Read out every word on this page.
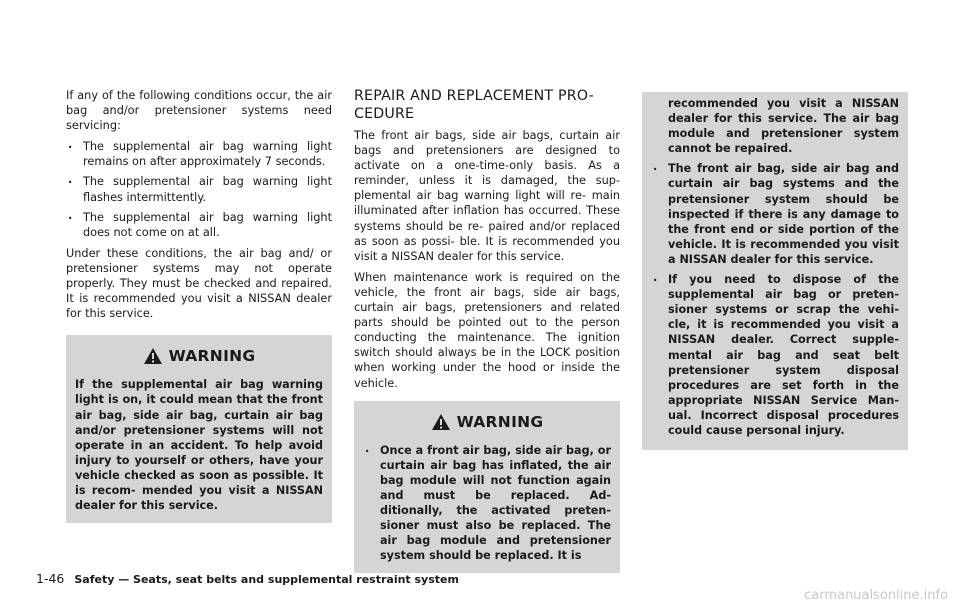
If any of the following conditions occur, the air bag and/or pretensioner systems need servicing:

. The supplemental air bag warning light remains on after approximately 7 seconds.
. The supplemental air bag warning light flashes intermittently.
. The supplemental air bag warning light does not come on at all.

Under these conditions, the air bag and/ or pretensioner systems may not operate properly. They must be checked and repaired. It is recommended you visit a NISSAN dealer for this service.

WARNING

If the supplemental air bag warning light is on, it could mean that the front air bag, side air bag, curtain air bag and/or pretensioner systems will not operate in an accident. To help avoid injury to yourself or others, have your vehicle checked as soon as possible. It is recom- mended you visit a NISSAN dealer for this service.

REPAIR AND REPLACEMENT PRO- CEDURE

The front air bags, side air bags, curtain air bags and pretensioners are designed to activate on a one-time-only basis. As a reminder, unless it is damaged, the sup- plemental air bag warning light will re- main illuminated after inflation has occurred. These systems should be re- paired and/or replaced as soon as possi- ble. It is recommended you visit a NISSAN dealer for this service.

When maintenance work is required on the vehicle, the front air bags, side air bags, curtain air bags, pretensioners and related parts should be pointed out to the person conducting the maintenance. The ignition switch should always be in the LOCK position when working under the hood or inside the vehicle.

WARNING
. Once a front air bag, side air bag, or curtain air bag has inflated, the air bag module will not function again and must be replaced. Ad- ditionally, the activated preten- sioner must also be replaced. The air bag module and pretensioner system should be replaced. It is
recommended you visit a NISSAN dealer for this service. The air bag module and pretensioner system cannot be repaired.
. The front air bag, side air bag and curtain air bag systems and the pretensioner system should be inspected if there is any damage to the front end or side portion of the vehicle. It is recommended you visit a NISSAN dealer for this service.
. If you need to dispose of the supplemental air bag or preten- sioner systems or scrap the vehi- cle, it is recommended you visit a NISSAN dealer. Correct supple- mental air bag and seat belt pretensioner system disposal procedures are set forth in the appropriate NISSAN Service Man- ual. Incorrect disposal procedures could cause personal injury.
1-46 Safety — Seats, seat belts and supplemental restraint system
carmanualsonline.info
